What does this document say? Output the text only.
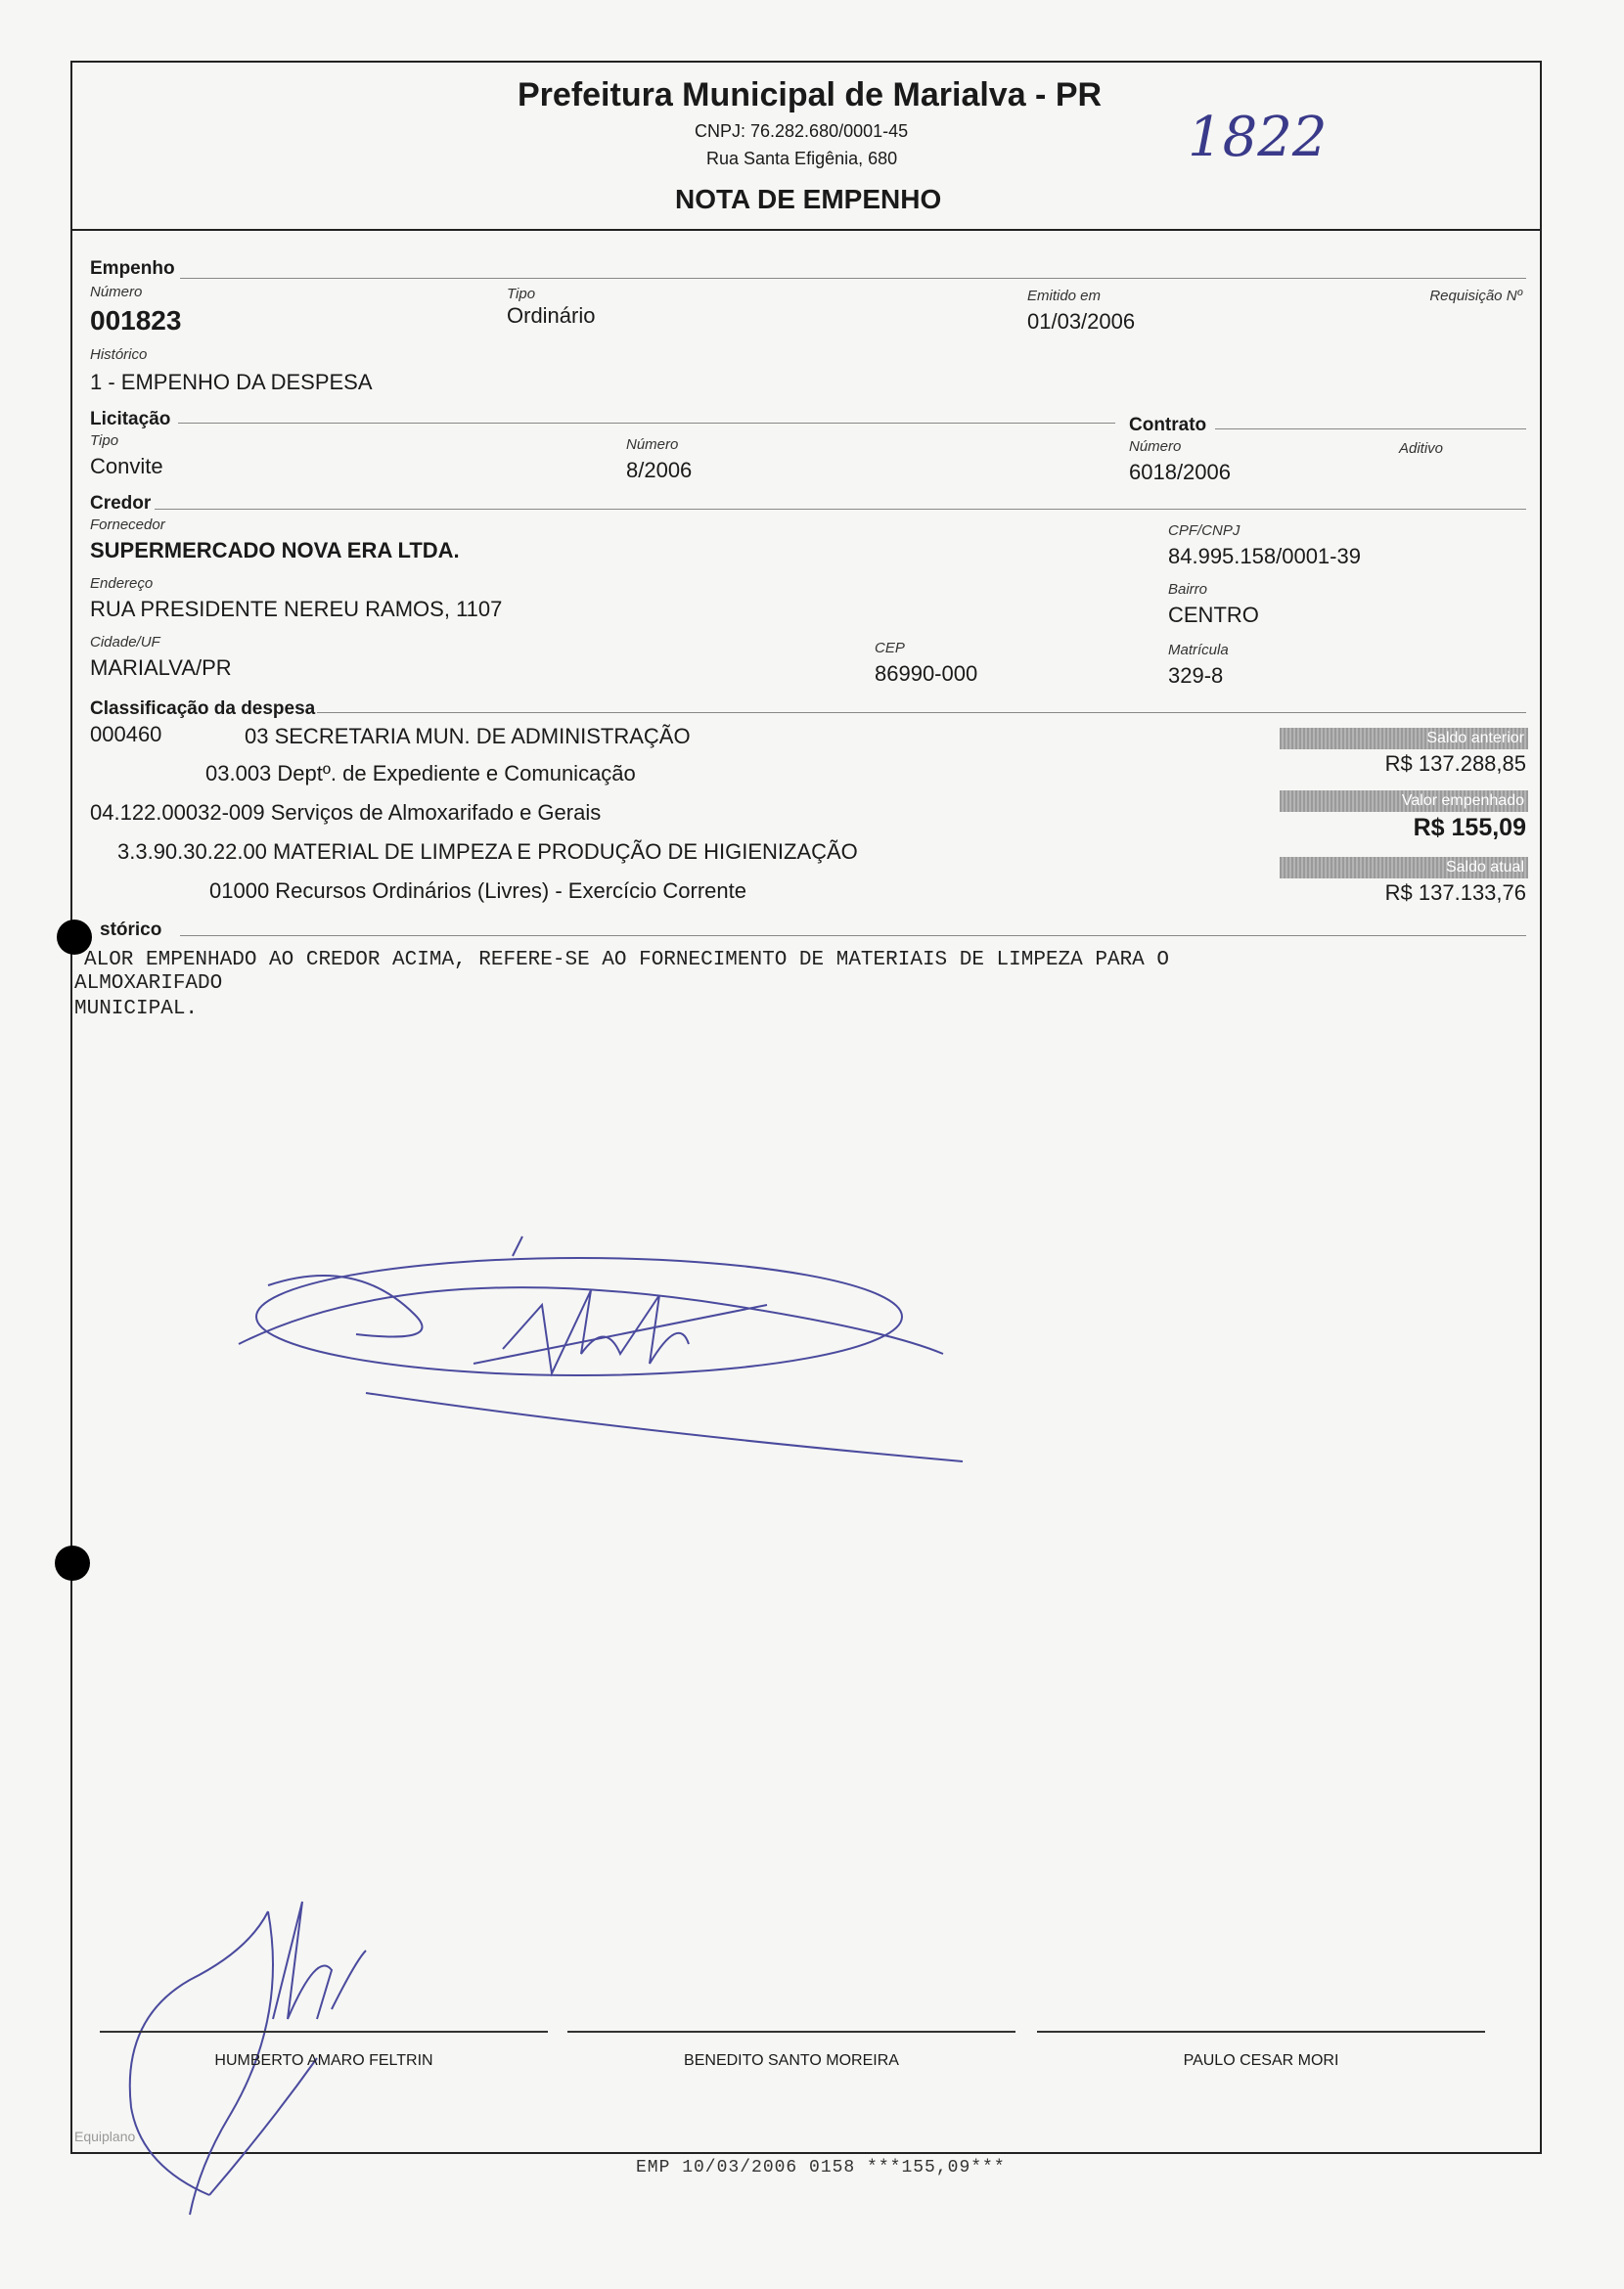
Prefeitura Municipal de Marialva - PR
CNPJ: 76.282.680/0001-45
Rua Santa Efigênia, 680
NOTA DE EMPENHO
1822
Empenho
Número
001823
Tipo
Ordinário
Emitido em
01/03/2006
Requisição Nº
Histórico
1 - EMPENHO DA DESPESA
Licitação	Contrato
Tipo
Convite
Número
8/2006
Número
6018/2006
Aditivo
Credor
Fornecedor
SUPERMERCADO NOVA ERA LTDA.
CPF/CNPJ
84.995.158/0001-39
Endereço
RUA PRESIDENTE NEREU RAMOS, 1107
Bairro
CENTRO
Cidade/UF
MARIALVA/PR
CEP
86990-000
Matrícula
329-8
Classificação da despesa
000460	03 SECRETARIA MUN. DE ADMINISTRAÇÃO
03.003 Deptº. de Expediente e Comunicação
04.122.00032-009 Serviços de Almoxarifado e Gerais
3.3.90.30.22.00 MATERIAL DE LIMPEZA E PRODUÇÃO DE HIGIENIZAÇÃO
01000 Recursos Ordinários (Livres) - Exercício Corrente
Saldo anterior
R$ 137.288,85
Valor empenhado
R$ 155,09
Saldo atual
R$ 137.133,76
stórico
ALOR EMPENHADO AO CREDOR ACIMA, REFERE-SE AO FORNECIMENTO DE MATERIAIS DE LIMPEZA PARA O
ALMOXARIFADO
MUNICIPAL.
HUMBERTO AMARO FELTRIN	BENEDITO SANTO MOREIRA	PAULO CESAR MORI
Equiplano
EMP 10/03/2006 0158 ***155,09***
